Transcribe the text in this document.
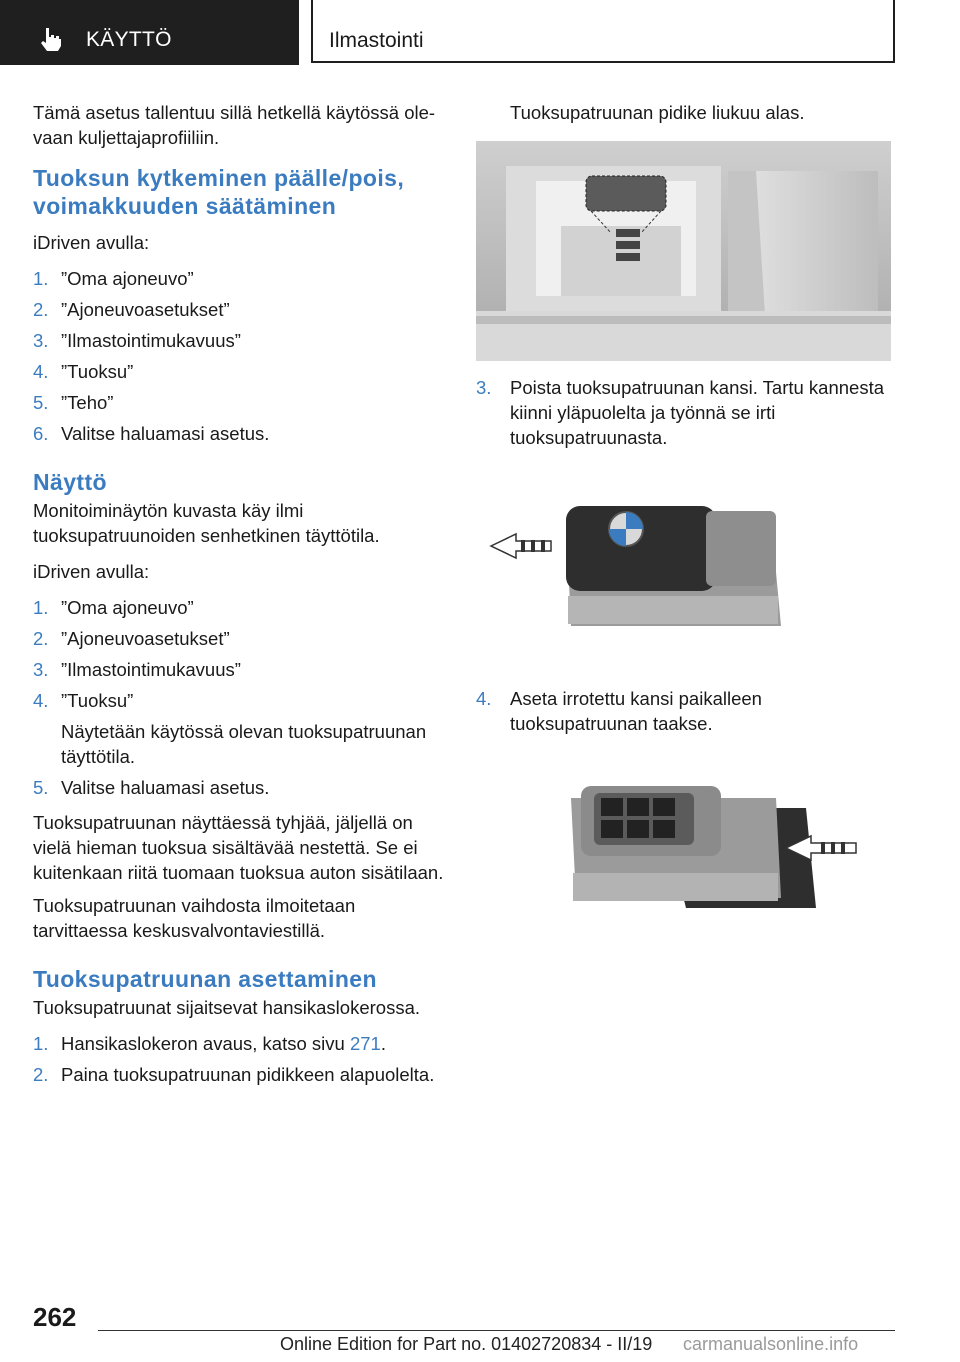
KÄYTTÖ	Ilmastointi

Tämä asetus tallentuu sillä hetkellä käytössä ole-
vaan kuljettajaprofiiliin.

Tuoksun kytkeminen päälle/pois,
voimakkuuden säätäminen

iDriven avulla:

1. ”Oma ajoneuvo”
2. ”Ajoneuvoasetukset”
3. ”Ilmastointimukavuus”
4. ”Tuoksu”
5. ”Teho”
6. Valitse haluamasi asetus.
Näyttö

Monitoiminäytön kuvasta käy ilmi tuoksupatruunoiden senhetkinen täyttötila.

iDriven avulla:

1. ”Oma ajoneuvo”
2. ”Ajoneuvoasetukset”
3. ”Ilmastointimukavuus”
4. ”Tuoksu”
Näytetään käytössä olevan tuoksupatruunan täyttötila.
5. Valitse haluamasi asetus.

Tuoksupatruunan näyttäessä tyhjää, jäljellä on vielä hieman tuoksua sisältävää nestettä. Se ei kuitenkaan riitä tuomaan tuoksua auton sisätilaan.

Tuoksupatruunan vaihdosta ilmoitetaan tarvittaessa keskusvalvontaviestillä.

Tuoksupatruunan asettaminen

Tuoksupatruunat sijaitsevat hansikaslokerossa.

1. Hansikaslokeron avaus, katso sivu 271.
2. Paina tuoksupatruunan pidikkeen alapuolelta.

Tuoksupatruunan pidike liukuu alas.

3. Poista tuoksupatruunan kansi. Tartu kannesta kiinni yläpuolelta ja työnnä se irti tuoksupatruunasta.
4. Aseta irrotettu kansi paikalleen tuoksupatruunan taakse.
262
Online Edition for Part no. 01402720834 - II/19 carmanualsonline.info
